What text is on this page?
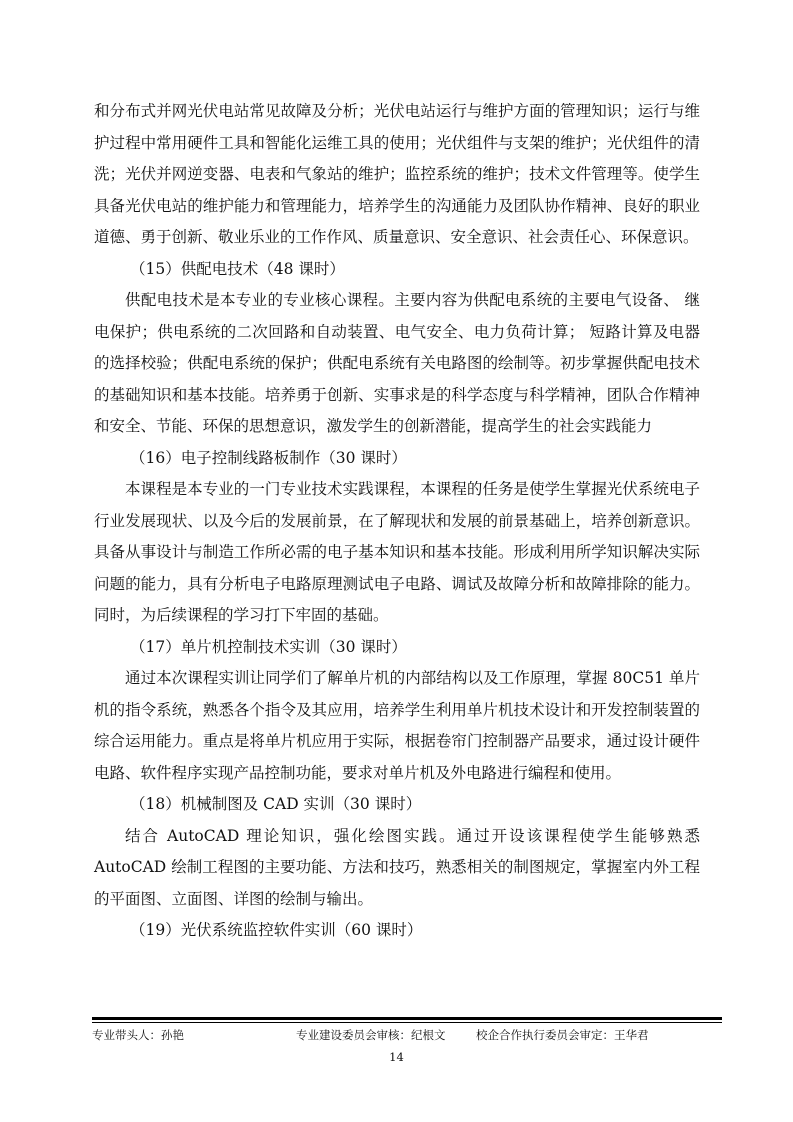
和分布式并网光伏电站常见故障及分析；光伏电站运行与维护方面的管理知识；运行与维护过程中常用硬件工具和智能化运维工具的使用；光伏组件与支架的维护；光伏组件的清洗；光伏并网逆变器、电表和气象站的维护；监控系统的维护；技术文件管理等。使学生具备光伏电站的维护能力和管理能力，培养学生的沟通能力及团队协作精神、良好的职业道德、勇于创新、敬业乐业的工作作风、质量意识、安全意识、社会责任心、环保意识。

（15）供配电技术（48 课时）

供配电技术是本专业的专业核心课程。主要内容为供配电系统的主要电气设备、 继电保护；供电系统的二次回路和自动装置、电气安全、电力负荷计算； 短路计算及电器的选择校验；供配电系统的保护；供配电系统有关电路图的绘制等。初步掌握供配电技术的基础知识和基本技能。培养勇于创新、实事求是的科学态度与科学精神，团队合作精神和安全、节能、环保的思想意识，激发学生的创新潜能，提高学生的社会实践能力

（16）电子控制线路板制作（30 课时）

本课程是本专业的一门专业技术实践课程，本课程的任务是使学生掌握光伏系统电子行业发展现状、以及今后的发展前景，在了解现状和发展的前景基础上，培养创新意识。具备从事设计与制造工作所必需的电子基本知识和基本技能。形成利用所学知识解决实际问题的能力，具有分析电子电路原理测试电子电路、调试及故障分析和故障排除的能力。同时，为后续课程的学习打下牢固的基础。

（17）单片机控制技术实训（30 课时）

通过本次课程实训让同学们了解单片机的内部结构以及工作原理，掌握 80C51 单片机的指令系统，熟悉各个指令及其应用，培养学生利用单片机技术设计和开发控制装置的综合运用能力。重点是将单片机应用于实际，根据卷帘门控制器产品要求，通过设计硬件电路、软件程序实现产品控制功能，要求对单片机及外电路进行编程和使用。

（18）机械制图及 CAD 实训（30 课时）

结合 AutoCAD 理论知识，强化绘图实践。通过开设该课程使学生能够熟悉 AutoCAD 绘制工程图的主要功能、方法和技巧，熟悉相关的制图规定，掌握室内外工程的平面图、立面图、详图的绘制与输出。

（19）光伏系统监控软件实训（60 课时）

专业带头人：孙艳	专业建设委员会审核：纪根文	校企合作执行委员会审定：王华君
14
